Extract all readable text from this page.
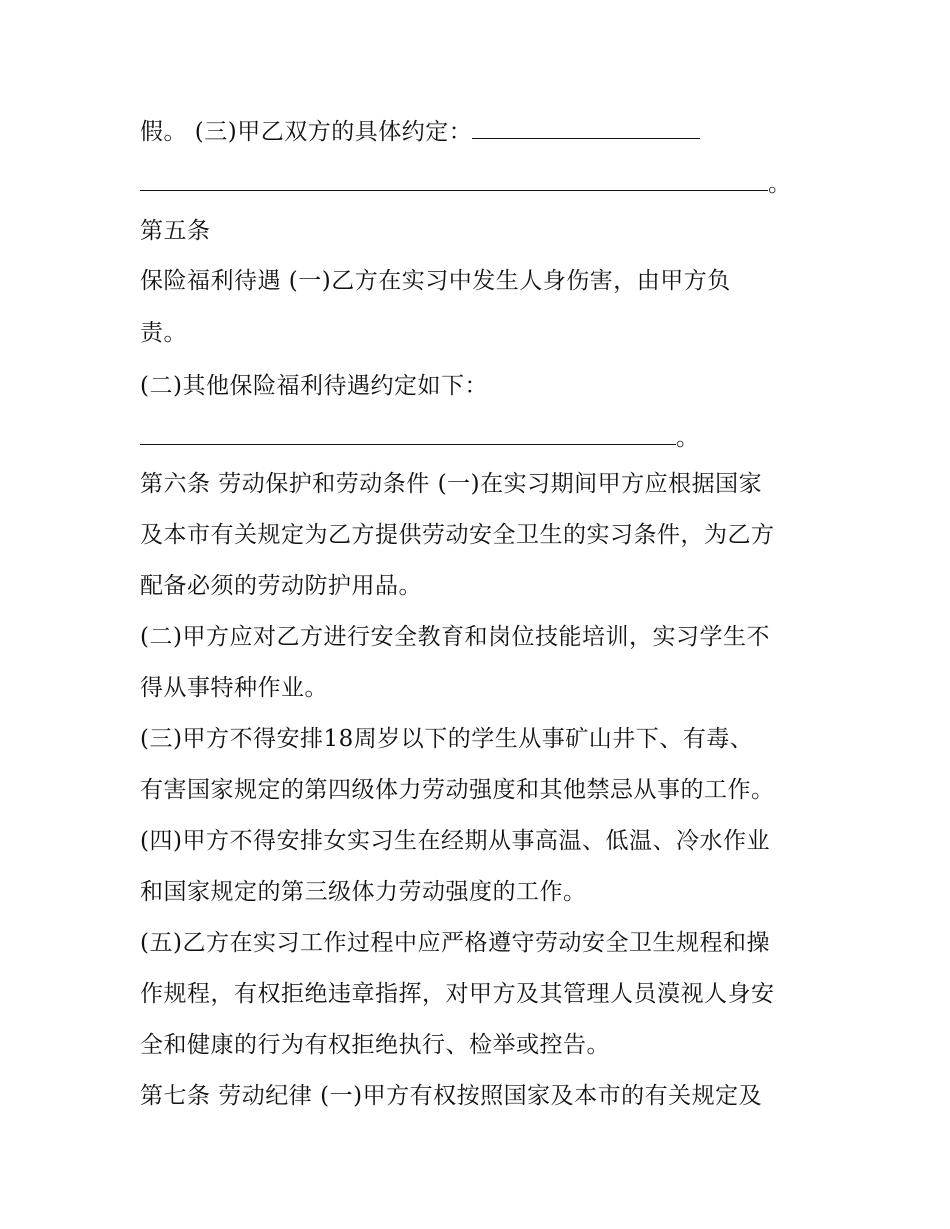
假。 (三)甲乙双方的具体约定：
。
第五条
保险福利待遇 (一)乙方在实习中发生人身伤害，由甲方负
责。
(二)其他保险福利待遇约定如下：
。
第六条 劳动保护和劳动条件 (一)在实习期间甲方应根据国家
及本市有关规定为乙方提供劳动安全卫生的实习条件，为乙方
配备必须的劳动防护用品。
(二)甲方应对乙方进行安全教育和岗位技能培训，实习学生不
得从事特种作业。
(三)甲方不得安排18周岁以下的学生从事矿山井下、有毒、
有害国家规定的第四级体力劳动强度和其他禁忌从事的工作。
(四)甲方不得安排女实习生在经期从事高温、低温、冷水作业
和国家规定的第三级体力劳动强度的工作。
(五)乙方在实习工作过程中应严格遵守劳动安全卫生规程和操
作规程，有权拒绝违章指挥，对甲方及其管理人员漠视人身安
全和健康的行为有权拒绝执行、检举或控告。
第七条 劳动纪律 (一)甲方有权按照国家及本市的有关规定及
